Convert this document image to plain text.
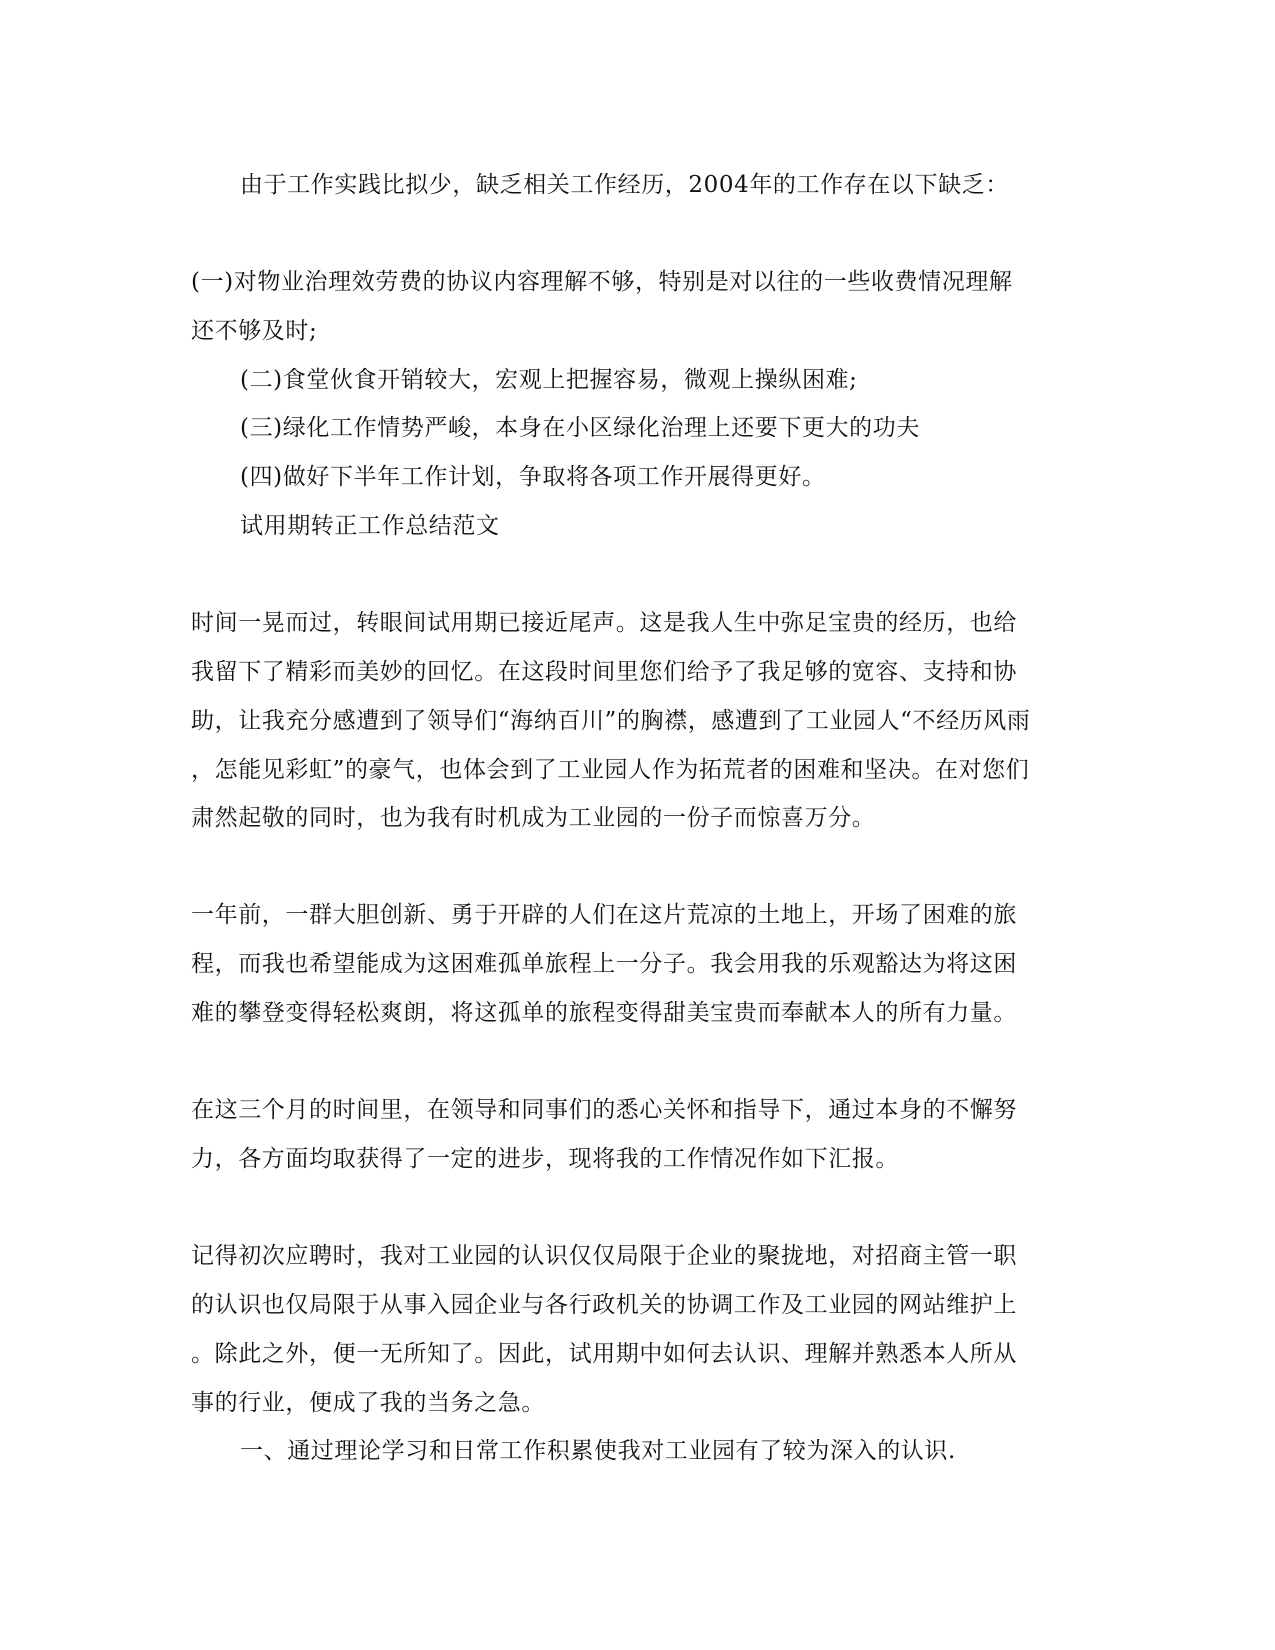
由于工作实践比拟少，缺乏相关工作经历，2004年的工作存在以下缺乏：
(一)对物业治理效劳费的协议内容理解不够，特别是对以往的一些收费情况理解
还不够及时;
(二)食堂伙食开销较大，宏观上把握容易，微观上操纵困难;
(三)绿化工作情势严峻，本身在小区绿化治理上还要下更大的功夫
(四)做好下半年工作计划，争取将各项工作开展得更好。
试用期转正工作总结范文
时间一晃而过，转眼间试用期已接近尾声。这是我人生中弥足宝贵的经历，也给
我留下了精彩而美妙的回忆。在这段时间里您们给予了我足够的宽容、支持和协
助，让我充分感遭到了领导们“海纳百川”的胸襟，感遭到了工业园人“不经历风雨
，怎能见彩虹”的豪气，也体会到了工业园人作为拓荒者的困难和坚决。在对您们
肃然起敬的同时，也为我有时机成为工业园的一份子而惊喜万分。
一年前，一群大胆创新、勇于开辟的人们在这片荒凉的土地上，开场了困难的旅
程，而我也希望能成为这困难孤单旅程上一分子。我会用我的乐观豁达为将这困
难的攀登变得轻松爽朗，将这孤单的旅程变得甜美宝贵而奉献本人的所有力量。
在这三个月的时间里，在领导和同事们的悉心关怀和指导下，通过本身的不懈努
力，各方面均取获得了一定的进步，现将我的工作情况作如下汇报。
记得初次应聘时，我对工业园的认识仅仅局限于企业的聚拢地，对招商主管一职
的认识也仅局限于从事入园企业与各行政机关的协调工作及工业园的网站维护上
。除此之外，便一无所知了。因此，试用期中如何去认识、理解并熟悉本人所从
事的行业，便成了我的当务之急。
一、通过理论学习和日常工作积累使我对工业园有了较为深入的认识.
